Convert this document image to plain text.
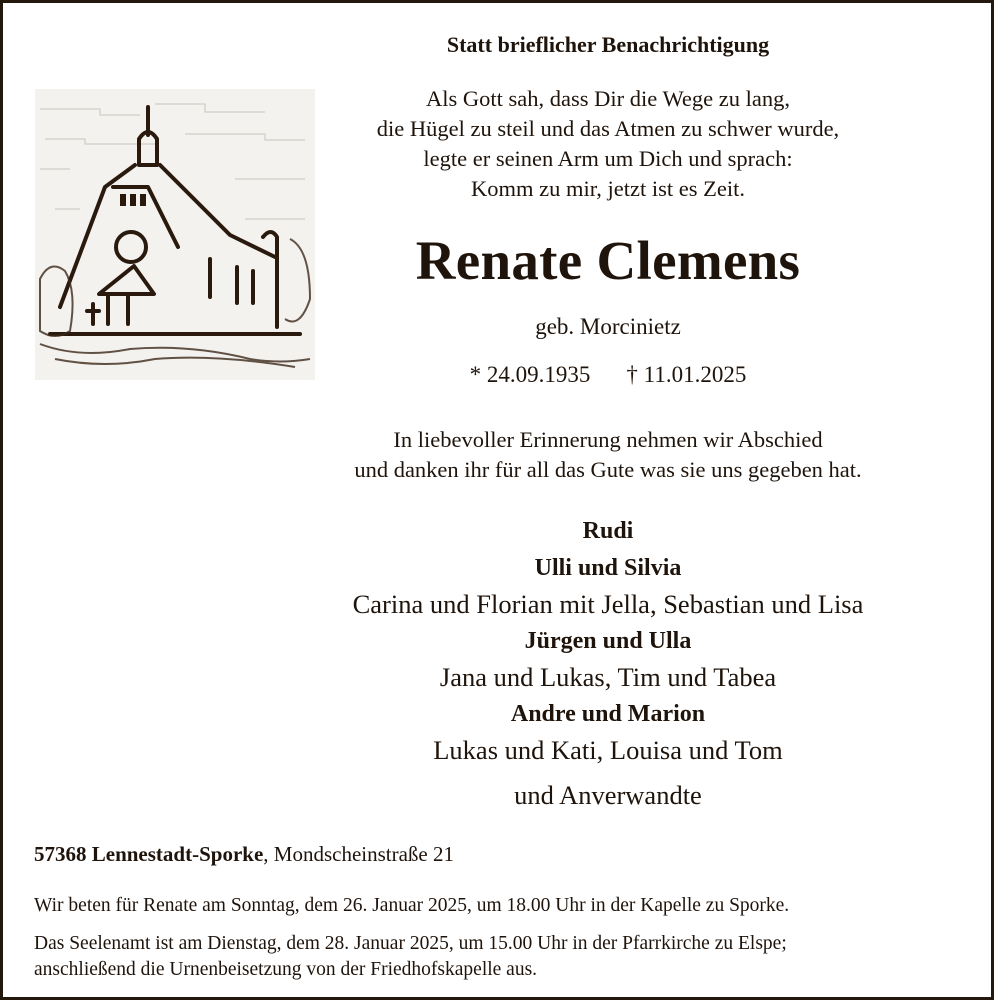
Statt brieflicher Benachrichtigung
Als Gott sah, dass Dir die Wege zu lang,
die Hügel zu steil und das Atmen zu schwer wurde,
legte er seinen Arm um Dich und sprach:
Komm zu mir, jetzt ist es Zeit.
Renate Clemens
geb. Morcinietz
* 24.09.1935 † 11.01.2025
In liebevoller Erinnerung nehmen wir Abschied
und danken ihr für all das Gute was sie uns gegeben hat.
Rudi
Ulli und Silvia
Carina und Florian mit Jella, Sebastian und Lisa
Jürgen und Ulla
Jana und Lukas, Tim und Tabea
Andre und Marion
Lukas und Kati, Louisa und Tom
und Anverwandte
57368 Lennestadt-Sporke, Mondscheinstraße 21
Wir beten für Renate am Sonntag, dem 26. Januar 2025, um 18.00 Uhr in der Kapelle zu Sporke.
Das Seelenamt ist am Dienstag, dem 28. Januar 2025, um 15.00 Uhr in der Pfarrkirche zu Elspe;
anschließend die Urnenbeisetzung von der Friedhofskapelle aus.
